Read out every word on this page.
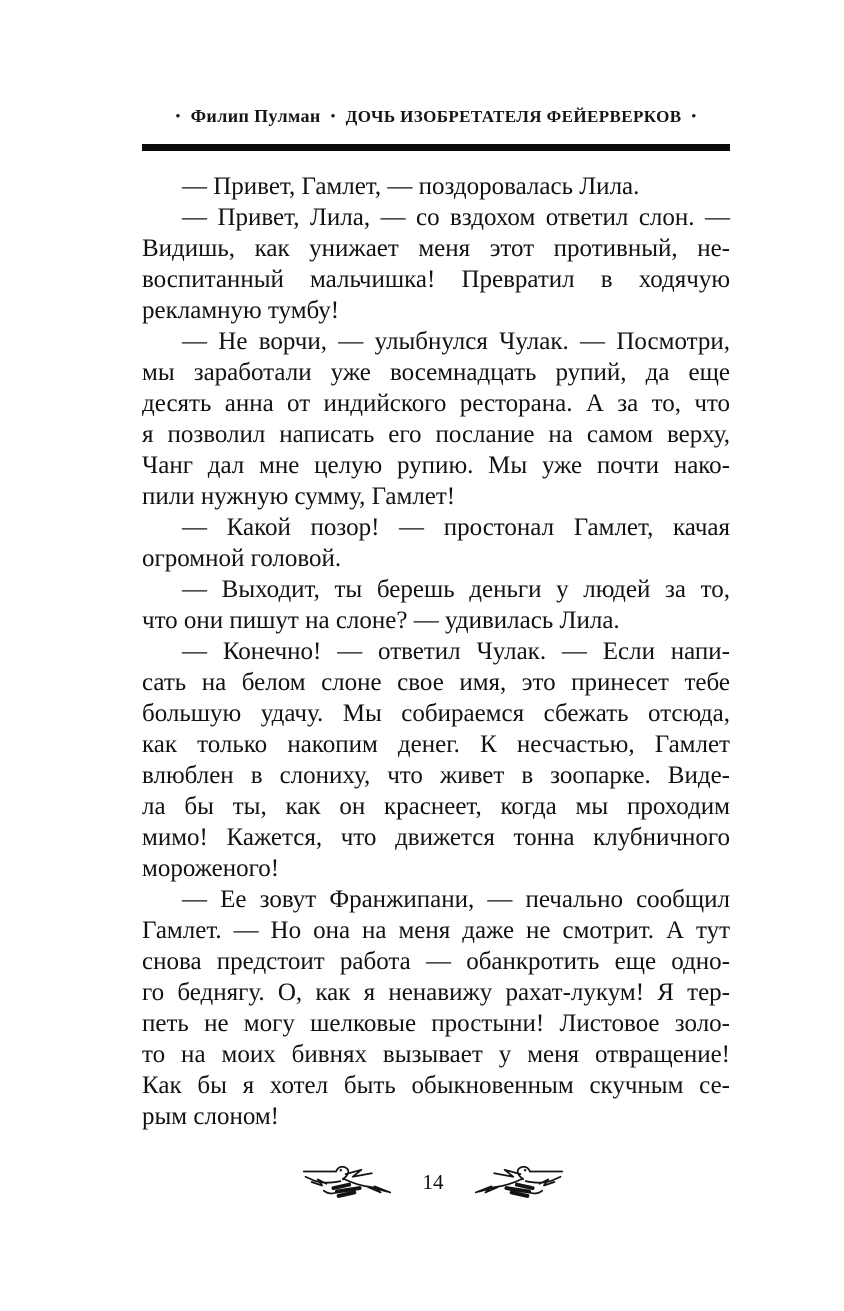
• Филип Пулман • ДОЧЬ ИЗОБРЕТАТЕЛЯ ФЕЙЕРВЕРКОВ •
— Привет, Гамлет, — поздоровалась Лила.
— Привет, Лила, — со вздохом ответил слон. —
Видишь, как унижает меня этот противный, не-
воспитанный мальчишка! Превратил в ходячую
рекламную тумбу!
— Не ворчи, — улыбнулся Чулак. — Посмотри,
мы заработали уже восемнадцать рупий, да еще
десять анна от индийского ресторана. А за то, что
я позволил написать его послание на самом верху,
Чанг дал мне целую рупию. Мы уже почти нако-
пили нужную сумму, Гамлет!
— Какой позор! — простонал Гамлет, качая
огромной головой.
— Выходит, ты берешь деньги у людей за то,
что они пишут на слоне? — удивилась Лила.
— Конечно! — ответил Чулак. — Если напи-
сать на белом слоне свое имя, это принесет тебе
большую удачу. Мы собираемся сбежать отсюда,
как только накопим денег. К несчастью, Гамлет
влюблен в слониху, что живет в зоопарке. Виде-
ла бы ты, как он краснеет, когда мы проходим
мимо! Кажется, что движется тонна клубничного
мороженого!
— Ее зовут Франжипани, — печально сообщил
Гамлет. — Но она на меня даже не смотрит. А тут
снова предстоит работа — обанкротить еще одно-
го беднягу. О, как я ненавижу рахат-лукум! Я тер-
петь не могу шелковые простыни! Листовое золо-
то на моих бивнях вызывает у меня отвращение!
Как бы я хотел быть обыкновенным скучным се-
рым слоном!
14
